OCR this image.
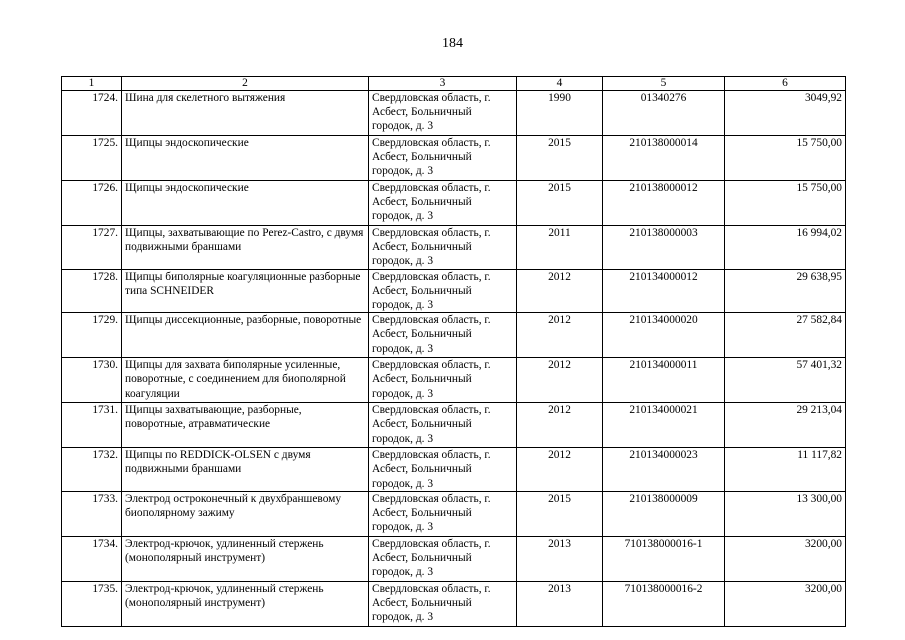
184
1	2	3	4	5	6
1724.	Шина для скелетного вытяжения	Свердловская область, г. Асбест, Больничный городок, д. 3	1990	01340276	3049,92
1725.	Щипцы эндоскопические	Свердловская область, г. Асбест, Больничный городок, д. 3	2015	210138000014	15 750,00
1726.	Щипцы эндоскопические	Свердловская область, г. Асбест, Больничный городок, д. 3	2015	210138000012	15 750,00
1727.	Щипцы, захватывающие по Perez-Castro, с двумя подвижными браншами	Свердловская область, г. Асбест, Больничный городок, д. 3	2011	210138000003	16 994,02
1728.	Щипцы биполярные коагуляционные разборные типа SCHNEIDER	Свердловская область, г. Асбест, Больничный городок, д. 3	2012	210134000012	29 638,95
1729.	Щипцы диссекционные, разборные, поворотные	Свердловская область, г. Асбест, Больничный городок, д. 3	2012	210134000020	27 582,84
1730.	Щипцы для захвата биполярные усиленные, поворотные, с соединением для биополярной коагуляции	Свердловская область, г. Асбест, Больничный городок, д. 3	2012	210134000011	57 401,32
1731.	Щипцы захватывающие, разборные, поворотные, атравматические	Свердловская область, г. Асбест, Больничный городок, д. 3	2012	210134000021	29 213,04
1732.	Щипцы по REDDICK-OLSEN с двумя подвижными браншами	Свердловская область, г. Асбест, Больничный городок, д. 3	2012	210134000023	11 117,82
1733.	Электрод остроконечный к двухбраншевому биополярному зажиму	Свердловская область, г. Асбест, Больничный городок, д. 3	2015	210138000009	13 300,00
1734.	Электрод-крючок, удлиненный стержень (монополярный инструмент)	Свердловская область, г. Асбест, Больничный городок, д. 3	2013	710138000016-1	3200,00
1735.	Электрод-крючок, удлиненный стержень (монополярный инструмент)	Свердловская область, г. Асбест, Больничный городок, д. 3	2013	710138000016-2	3200,00
